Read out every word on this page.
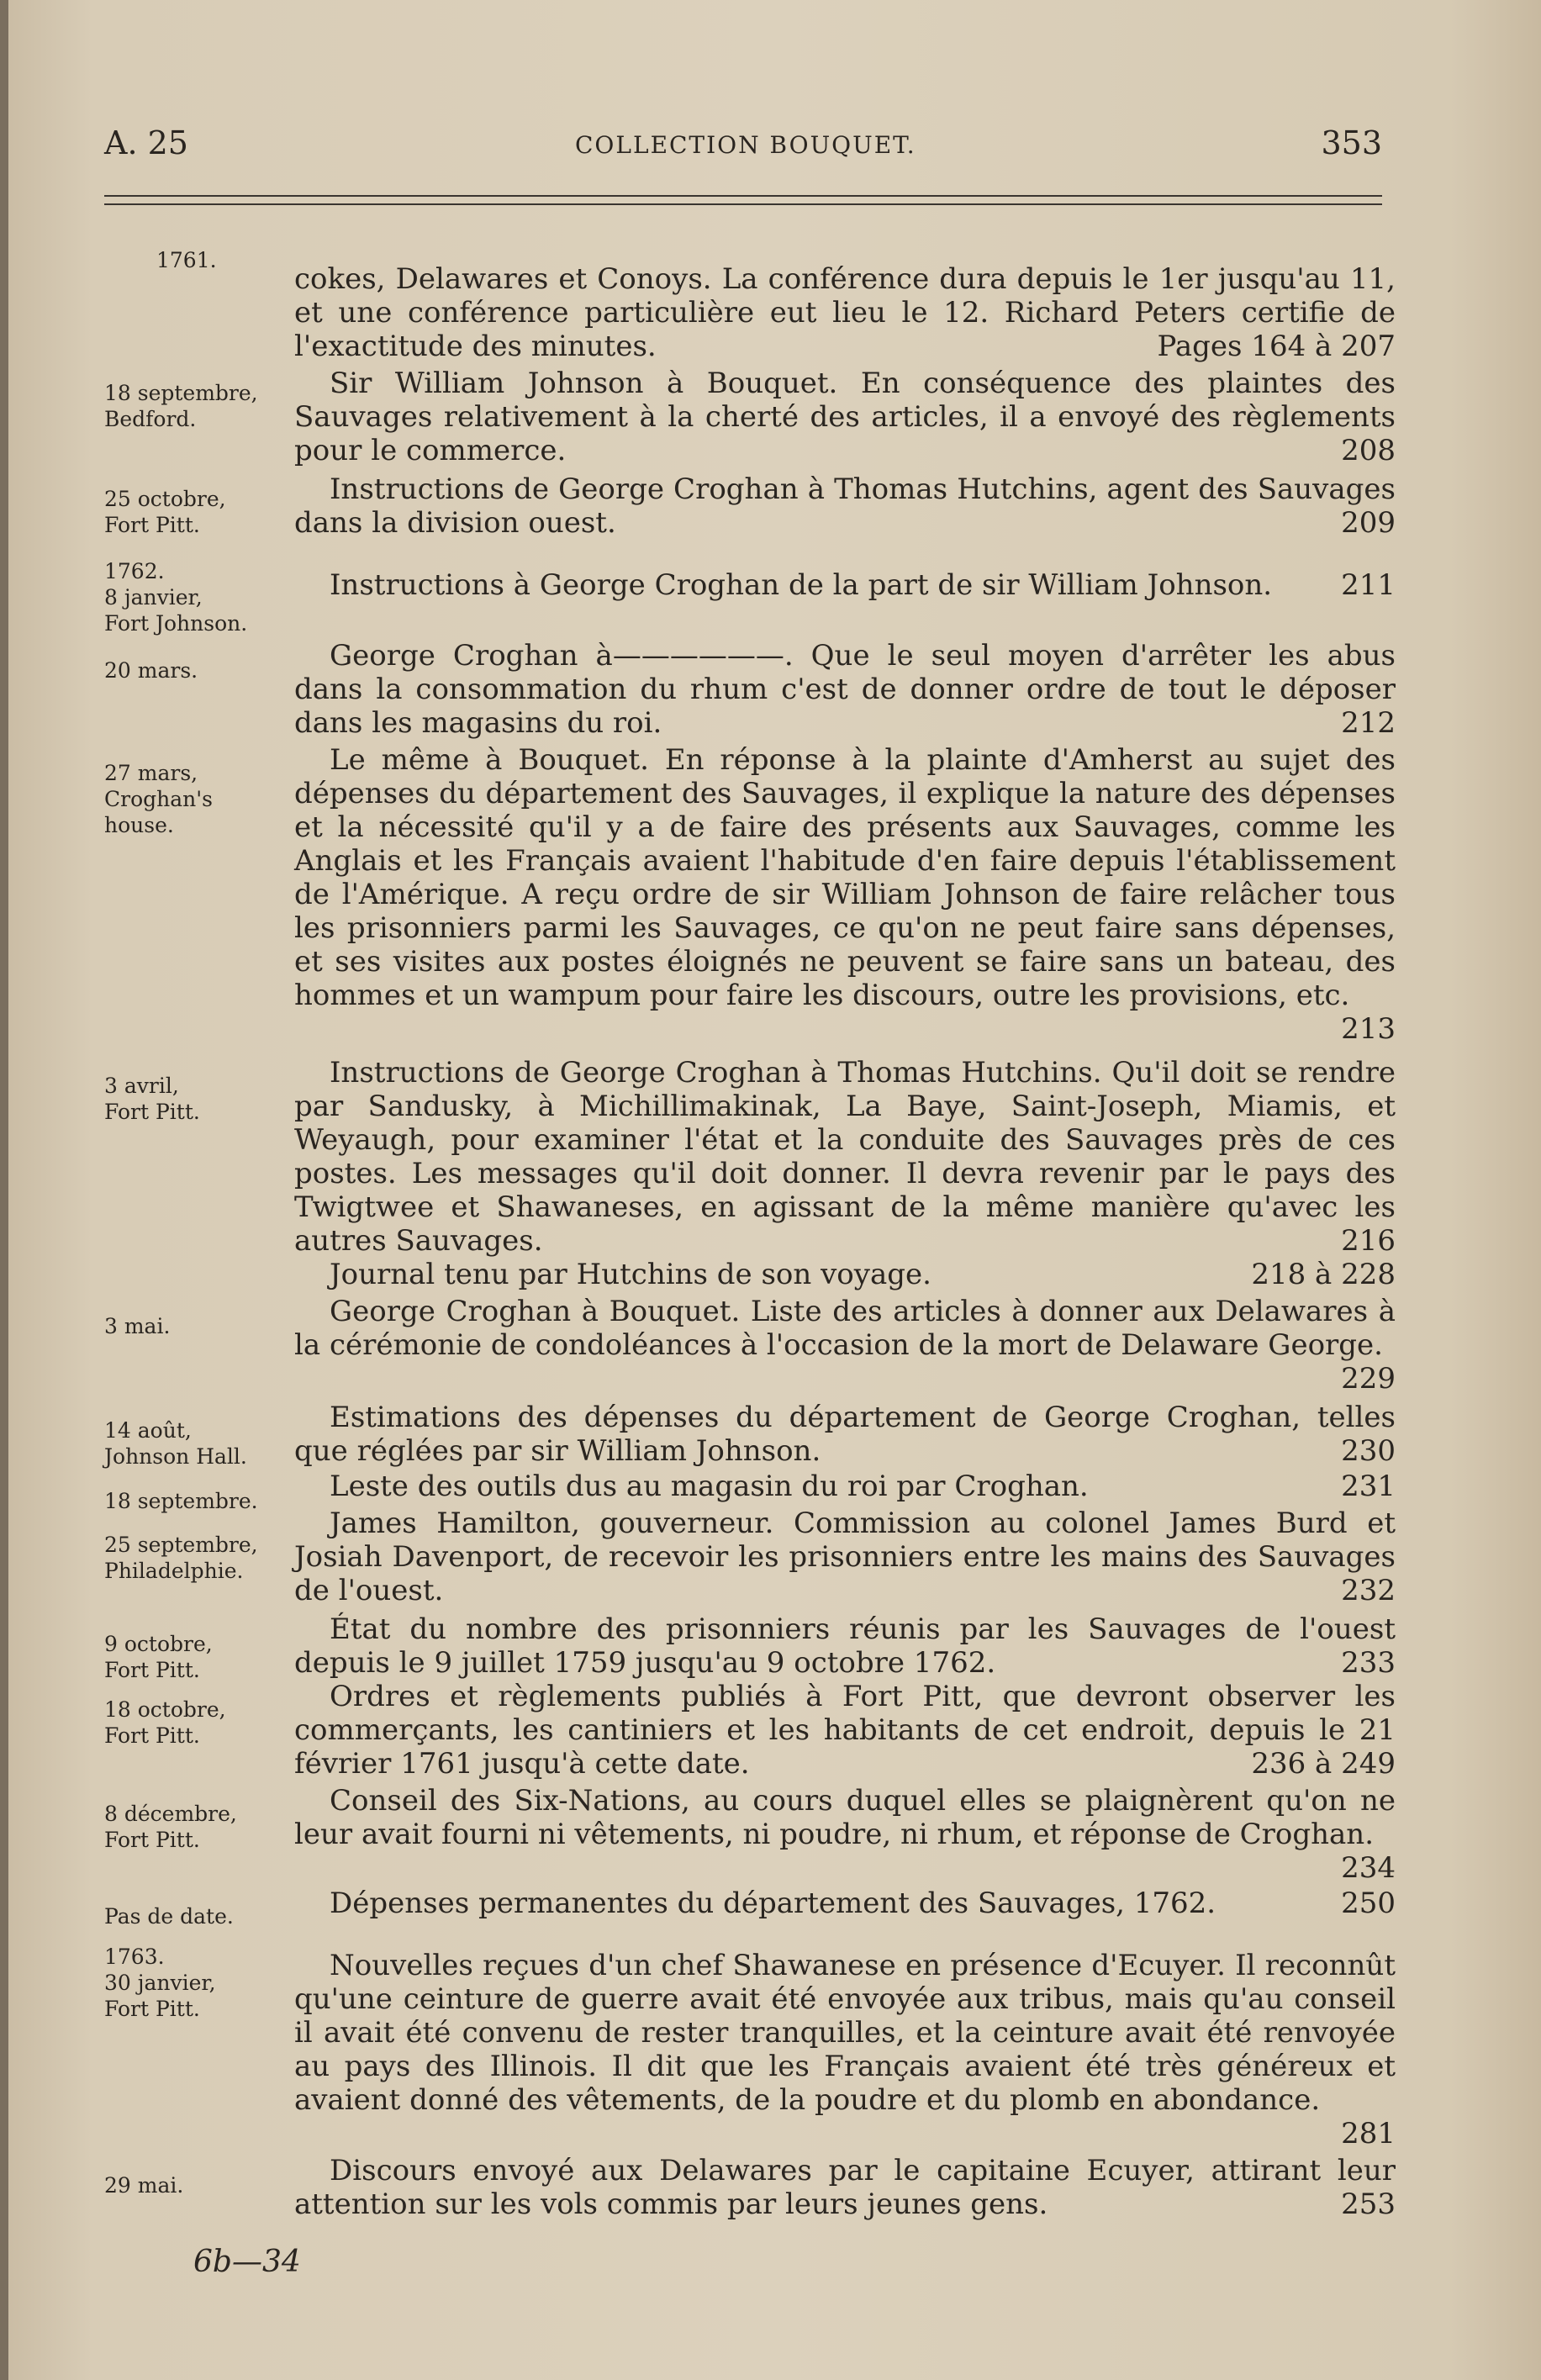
A. 25	COLLECTION BOUQUET.	353
1761.
cokes, Delawares et Conoys. La conférence dura depuis le 1er jusqu'au 11, et une conférence particulière eut lieu le 12. Richard Peters certifie de l'exactitude des minutes.	Pages 164 à 207
18 septembre,
Bedford.
Sir William Johnson à Bouquet. En conséquence des plaintes des Sauvages relativement à la cherté des articles, il a envoyé des règlements pour le commerce.	208
25 octobre,
Fort Pitt.
Instructions de George Croghan à Thomas Hutchins, agent des Sauvages dans la division ouest.	209
1762.
8 janvier,
Fort Johnson.
Instructions à George Croghan de la part de sir William Johnson. 211
20 mars.	George Croghan à——————. Que le seul moyen d'arrêter les abus dans la consommation du rhum c'est de donner ordre de tout le déposer dans les magasins du roi.	212
27 mars,
Croghan's
house.
Le même à Bouquet. En réponse à la plainte d'Amherst au sujet des dépenses du département des Sauvages, il explique la nature des dépenses et la nécessité qu'il y a de faire des présents aux Sauvages, comme les Anglais et les Français avaient l'habitude d'en faire depuis l'établissement de l'Amérique. A reçu ordre de sir William Johnson de faire relâcher tous les prisonniers parmi les Sauvages, ce qu'on ne peut faire sans dépenses, et ses visites aux postes éloignés ne peuvent se faire sans un bateau, des hommes et un wampum pour faire les discours, outre les provisions, etc.
213
3 avril,
Fort Pitt.
Instructions de George Croghan à Thomas Hutchins. Qu'il doit se rendre par Sandusky, à Michillimakinak, La Baye, Saint-Joseph, Miamis, et Weyaugh, pour examiner l'état et la conduite des Sauvages près de ces postes. Les messages qu'il doit donner. Il devra revenir par le pays des Twigtwee et Shawaneses, en agissant de la même manière qu'avec les autres Sauvages.	216
Journal tenu par Hutchins de son voyage.	218 à 228
3 mai.	George Croghan à Bouquet. Liste des articles à donner aux Delawares à la cérémonie de condoléances à l'occasion de la mort de Delaware George.
229
14 août,
Johnson Hall.
Estimations des dépenses du département de George Croghan, telles que réglées par sir William Johnson.	230
18 septembre.	Leste des outils dus au magasin du roi par Croghan.	231
25 septembre,
Philadelphie.
James Hamilton, gouverneur. Commission au colonel James Burd et Josiah Davenport, de recevoir les prisonniers entre les mains des Sauvages de l'ouest.	232
9 octobre,
Fort Pitt.
État du nombre des prisonniers réunis par les Sauvages de l'ouest depuis le 9 juillet 1759 jusqu'au 9 octobre 1762.	233
18 octobre,
Fort Pitt.
Ordres et règlements publiés à Fort Pitt, que devront observer les commerçants, les cantiniers et les habitants de cet endroit, depuis le 21 février 1761 jusqu'à cette date.	236 à 249
8 décembre,
Fort Pitt.
Conseil des Six-Nations, au cours duquel elles se plaignèrent qu'on ne leur avait fourni ni vêtements, ni poudre, ni rhum, et réponse de Croghan.
234
Pas de date.	Dépenses permanentes du département des Sauvages, 1762.	250
1763.
30 janvier,
Fort Pitt.
Nouvelles reçues d'un chef Shawanese en présence d'Ecuyer. Il reconnût qu'une ceinture de guerre avait été envoyée aux tribus, mais qu'au conseil il avait été convenu de rester tranquilles, et la ceinture avait été renvoyée au pays des Illinois. Il dit que les Français avaient été très généreux et avaient donné des vêtements, de la poudre et du plomb en abondance.
281
29 mai.	Discours envoyé aux Delawares par le capitaine Ecuyer, attirant leur attention sur les vols commis par leurs jeunes gens.	253
6b—34
